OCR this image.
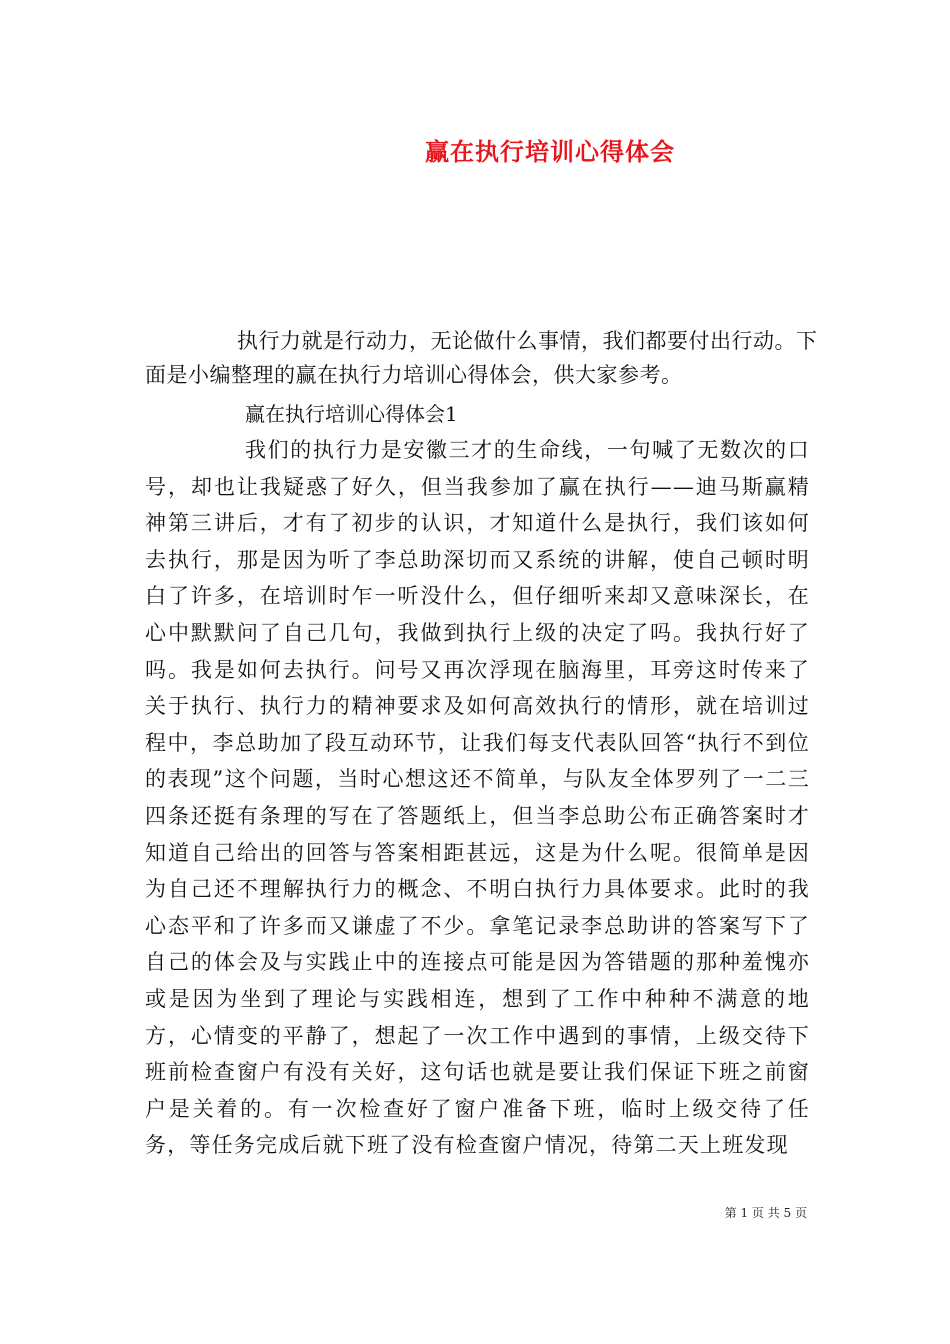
赢在执行培训心得体会
执行力就是行动力，无论做什么事情，我们都要付出行动。下面是小编整理的赢在执行力培训心得体会，供大家参考。
赢在执行培训心得体会1
我们的执行力是安徽三才的生命线，一句喊了无数次的口号，却也让我疑惑了好久，但当我参加了赢在执行——迪马斯赢精神第三讲后，才有了初步的认识，才知道什么是执行，我们该如何去执行，那是因为听了李总助深切而又系统的讲解，使自己顿时明白了许多，在培训时乍一听没什么，但仔细听来却又意味深长，在心中默默问了自己几句，我做到执行上级的决定了吗。我执行好了吗。我是如何去执行。问号又再次浮现在脑海里，耳旁这时传来了关于执行、执行力的精神要求及如何高效执行的情形，就在培训过程中，李总助加了段互动环节，让我们每支代表队回答“执行不到位的表现”这个问题，当时心想这还不简单，与队友全体罗列了一二三四条还挺有条理的写在了答题纸上，但当李总助公布正确答案时才知道自己给出的回答与答案相距甚远，这是为什么呢。很简单是因为自己还不理解执行力的概念、不明白执行力具体要求。此时的我心态平和了许多而又谦虚了不少。拿笔记录李总助讲的答案写下了自己的体会及与实践止中的连接点可能是因为答错题的那种羞愧亦或是因为坐到了理论与实践相连，想到了工作中种种不满意的地方，心情变的平静了，想起了一次工作中遇到的事情，上级交待下班前检查窗户有没有关好，这句话也就是要让我们保证下班之前窗户是关着的。有一次检查好了窗户准备下班，临时上级交待了任务，等任务完成后就下班了没有检查窗户情况，待第二天上班发现
第 1 页 共 5 页
